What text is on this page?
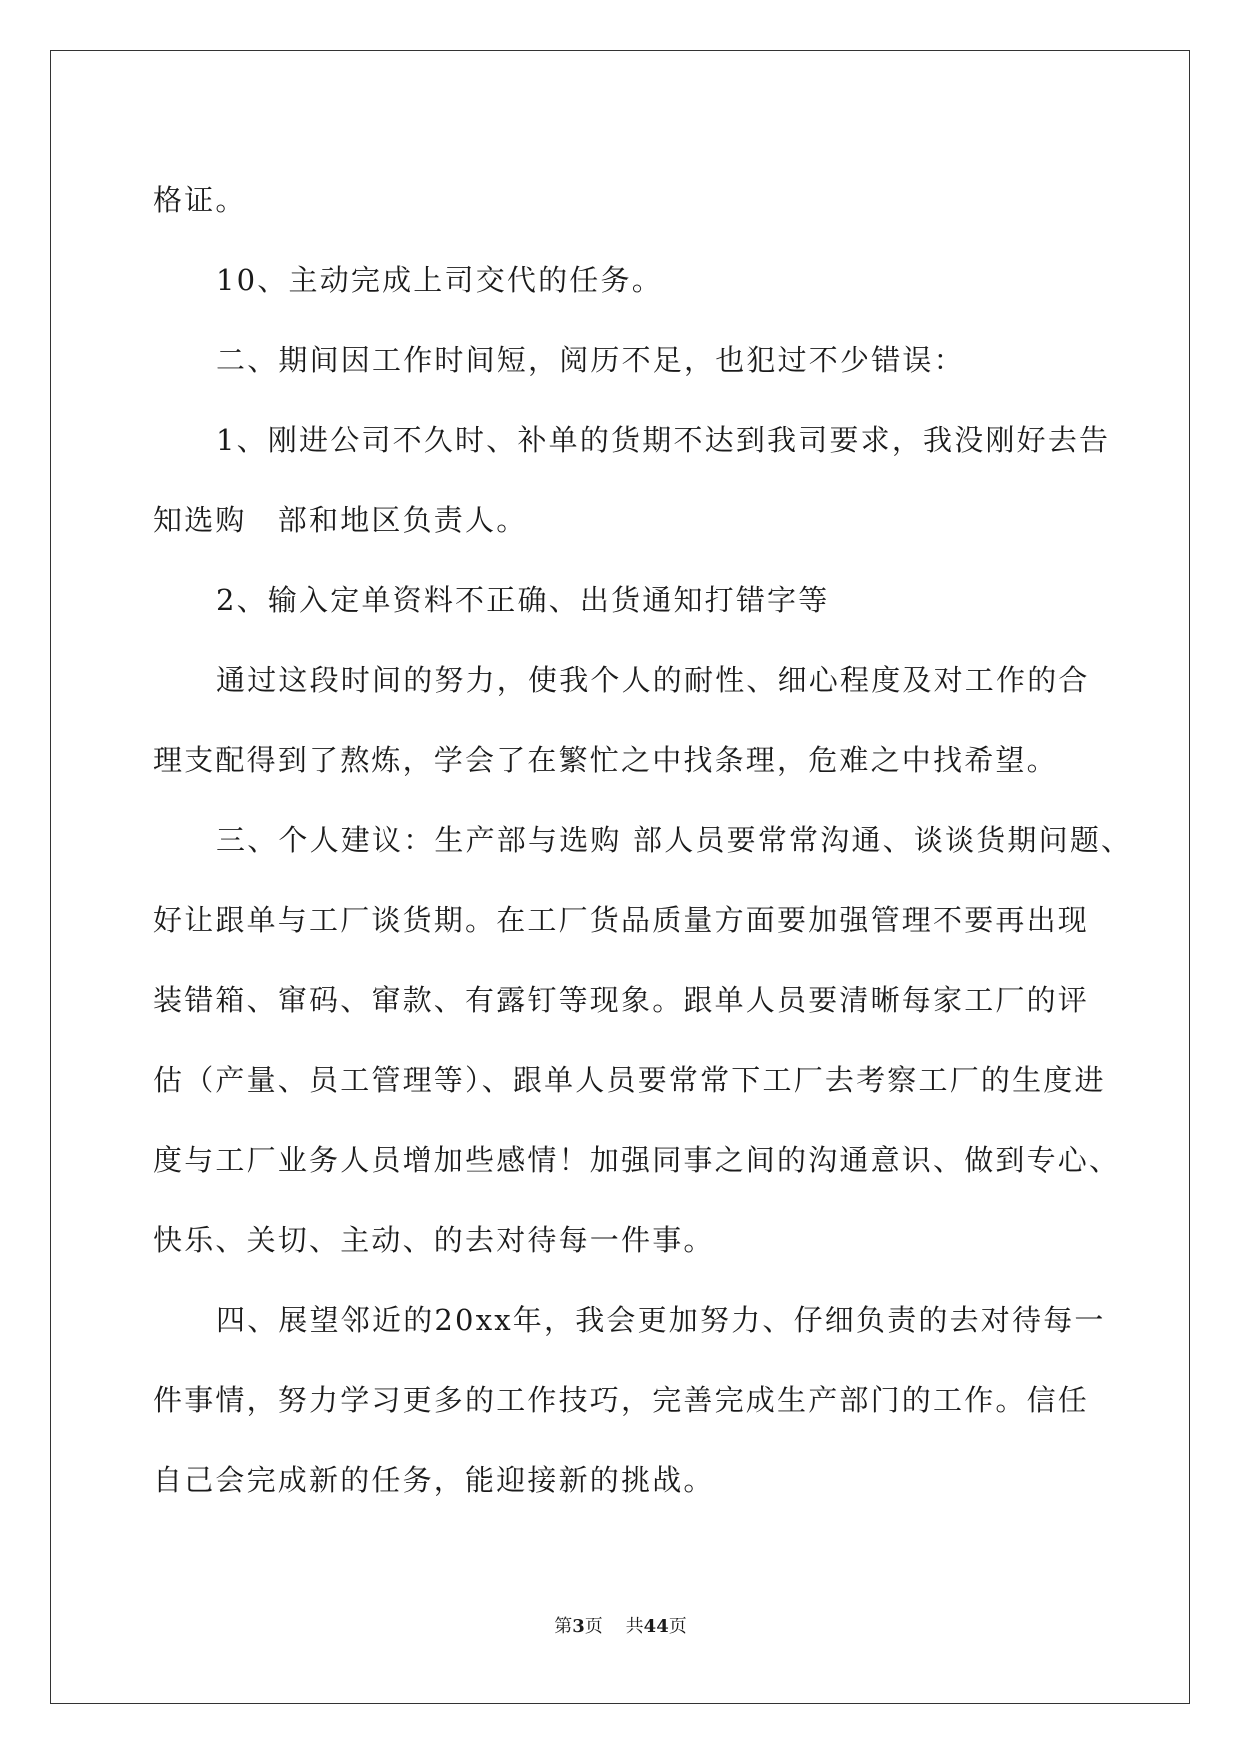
格证。
10、主动完成上司交代的任务。
二、期间因工作时间短，阅历不足，也犯过不少错误：
1、刚进公司不久时、补单的货期不达到我司要求，我没刚好去告
知选购　部和地区负责人。
2、输入定单资料不正确、出货通知打错字等
通过这段时间的努力，使我个人的耐性、细心程度及对工作的合
理支配得到了熬炼，学会了在繁忙之中找条理，危难之中找希望。
三、个人建议：生产部与选购 部人员要常常沟通、谈谈货期问题、
好让跟单与工厂谈货期。在工厂货品质量方面要加强管理不要再出现
装错箱、窜码、窜款、有露钉等现象。跟单人员要清晰每家工厂的评
估（产量、员工管理等）、跟单人员要常常下工厂去考察工厂的生度进
度与工厂业务人员增加些感情！加强同事之间的沟通意识、做到专心、
快乐、关切、主动、的去对待每一件事。
四、展望邻近的20xx年，我会更加努力、仔细负责的去对待每一
件事情，努力学习更多的工作技巧，完善完成生产部门的工作。信任
自己会完成新的任务，能迎接新的挑战。
第3页 共44页
